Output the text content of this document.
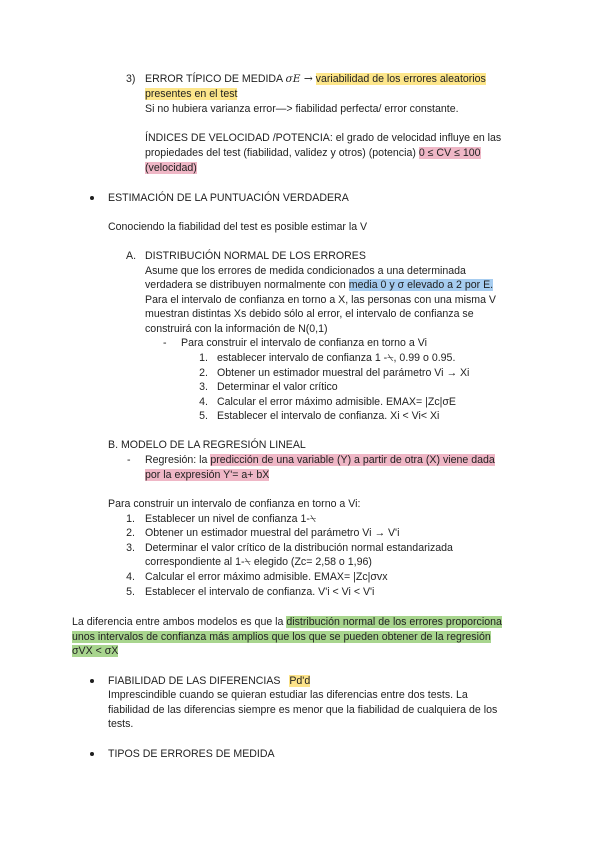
3) ERROR TÍPICO DE MEDIDA σE → variabilidad de los errores aleatorios
presentes en el test
Si no hubiera varianza error—> fiabilidad perfecta/ error constante.
ÍNDICES DE VELOCIDAD /POTENCIA: el grado de velocidad influye en las
propiedades del test (fiabilidad, validez y otros) (potencia) 0 ≤ CV ≤ 100
(velocidad)
ESTIMACIÓN DE LA PUNTUACIÓN VERDADERA
Conociendo la fiabilidad del test es posible estimar la V
A. DISTRIBUCIÓN NORMAL DE LOS ERRORES
Asume que los errores de medida condicionados a una determinada
verdadera se distribuyen normalmente con media 0 y σ elevado a 2 por E.
Para el intervalo de confianza en torno a X, las personas con una misma V
muestran distintas Xs debido sólo al error, el intervalo de confianza se
construirá con la información de N(0,1)
- Para construir el intervalo de confianza en torno a Vi
1. establecer intervalo de confianza 1 -⍀, 0.99 o 0.95.
2. Obtener un estimador muestral del parámetro Vi → Xi
3. Determinar el valor crítico
4. Calcular el error máximo admisible. EMAX= |Zc|σE
5. Establecer el intervalo de confianza. Xi < Vi< Xi
B. MODELO DE LA REGRESIÓN LINEAL
- Regresión: la predicción de una variable (Y) a partir de otra (X) viene dada
por la expresión Y'= a+ bX
Para construir un intervalo de confianza en torno a Vi:
1. Establecer un nivel de confianza 1-⍀
2. Obtener un estimador muestral del parámetro Vi → V'i
3. Determinar el valor crítico de la distribución normal estandarizada
correspondiente al 1-⍀ elegido (Zc= 2,58 o 1,96)
4. Calcular el error máximo admisible. EMAX= |Zc|σvx
5. Establecer el intervalo de confianza. V'i < Vi < V'i
La diferencia entre ambos modelos es que la distribución normal de los errores proporciona
unos intervalos de confianza más amplios que los que se pueden obtener de la regresión
σVX < σX
FIABILIDAD DE LAS DIFERENCIAS Pd'd
Imprescindible cuando se quieran estudiar las diferencias entre dos tests. La
fiabilidad de las diferencias siempre es menor que la fiabilidad de cualquiera de los
tests.
TIPOS DE ERRORES DE MEDIDA
